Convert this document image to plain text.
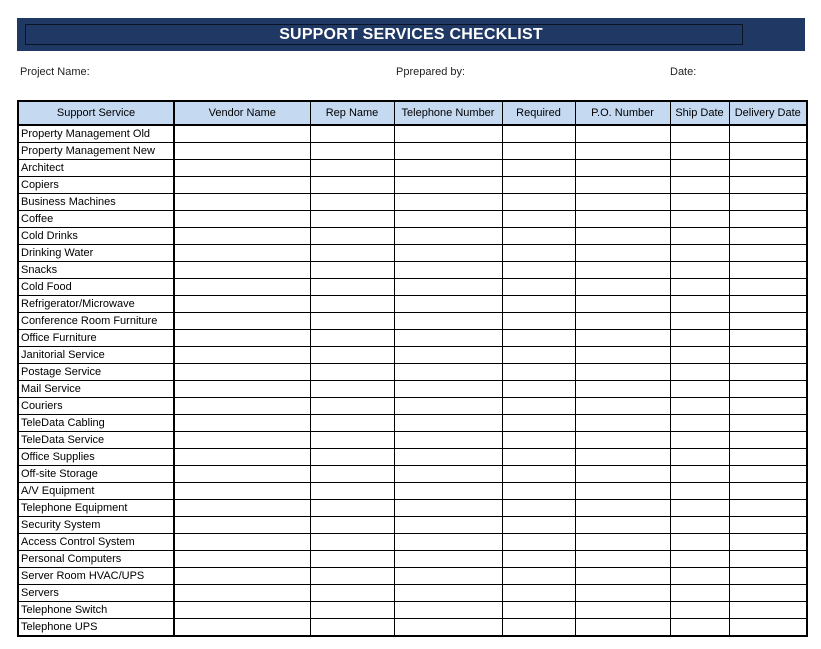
SUPPORT SERVICES CHECKLIST
Project Name:	Pprepared by:	Date:
Support Service	Vendor Name	Rep Name	Telephone Number	Required	P.O. Number	Ship Date	Delivery Date
Property Management Old							
Property Management New							
Architect							
Copiers							
Business Machines							
Coffee							
Cold Drinks							
Drinking Water							
Snacks							
Cold Food							
Refrigerator/Microwave							
Conference Room Furniture							
Office Furniture							
Janitorial Service							
Postage Service							
Mail Service							
Couriers							
TeleData Cabling							
TeleData Service							
Office Supplies							
Off-site Storage							
A/V Equipment							
Telephone Equipment							
Security System							
Access Control System							
Personal Computers							
Server Room HVAC/UPS							
Servers							
Telephone Switch							
Telephone UPS							
